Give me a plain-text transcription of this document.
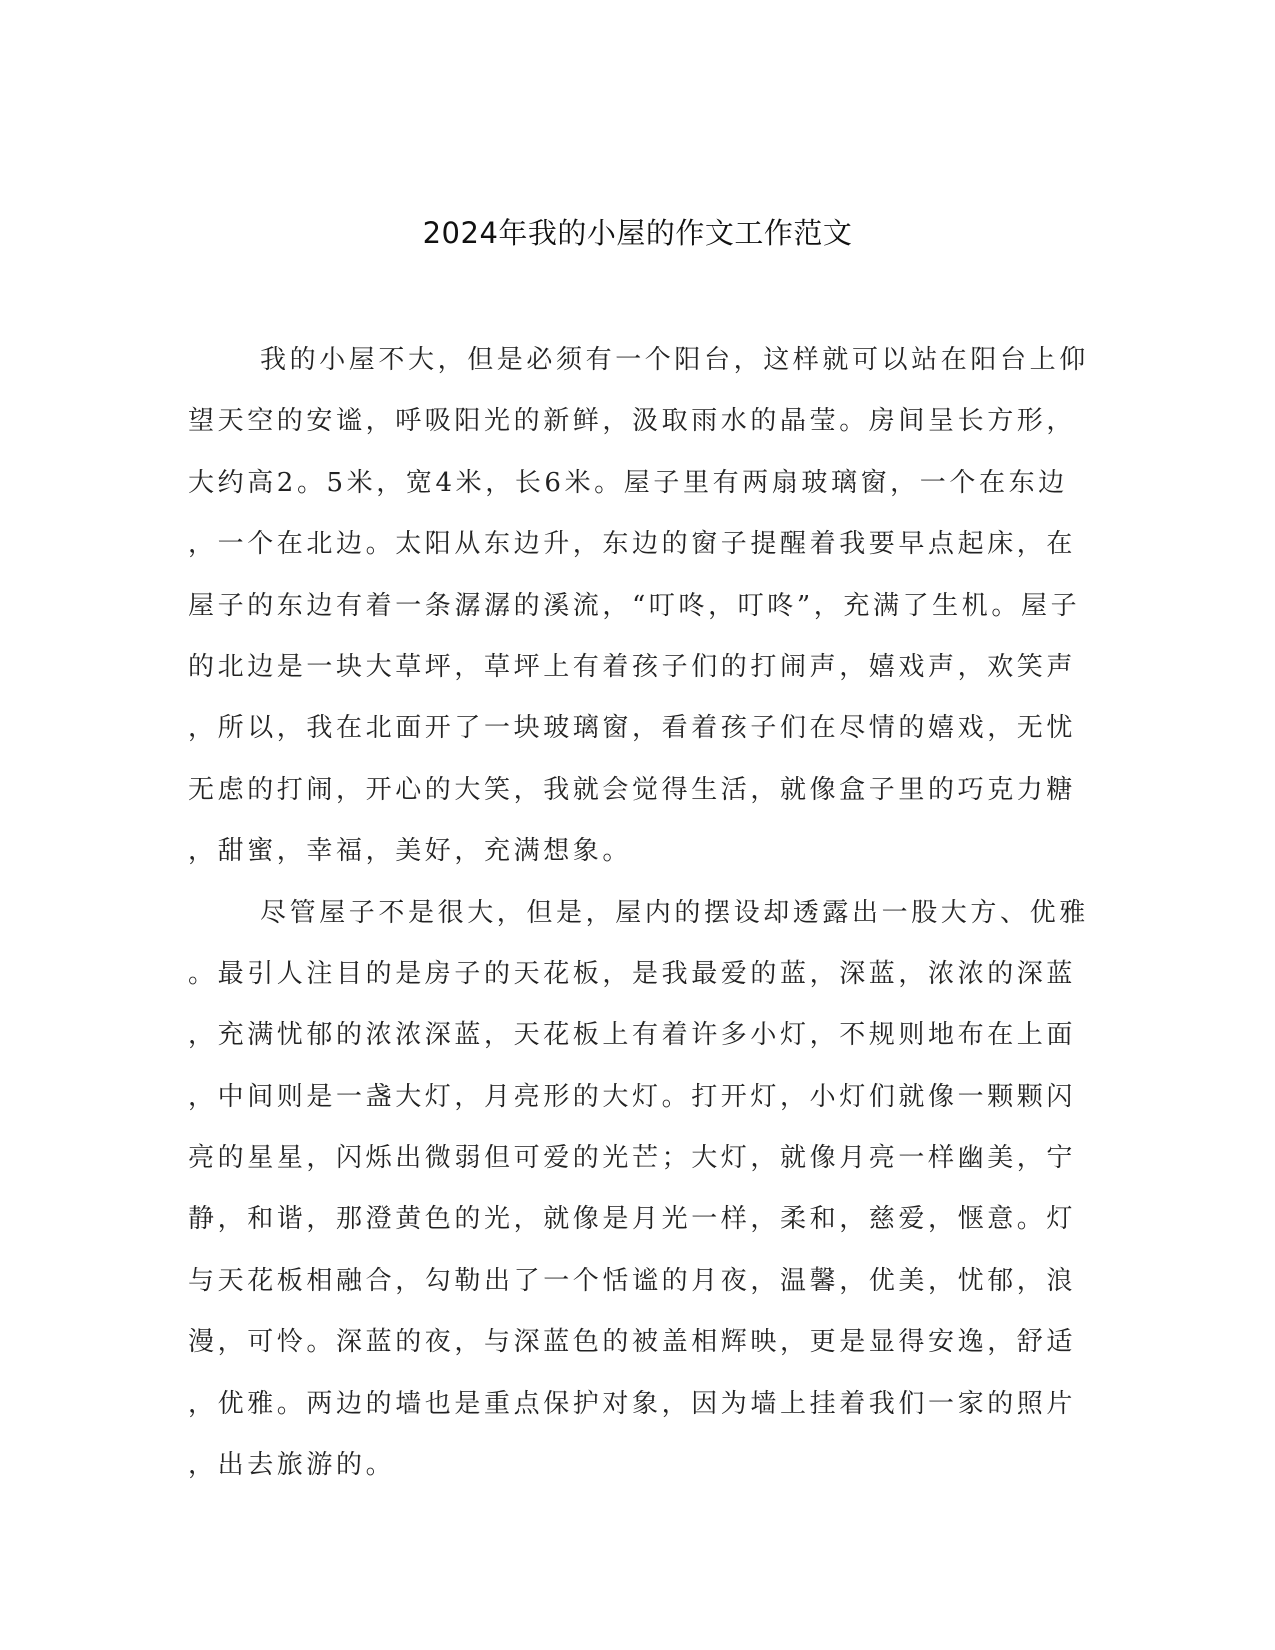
2024年我的小屋的作文工作范文
我的小屋不大，但是必须有一个阳台，这样就可以站在阳台上仰
望天空的安谧，呼吸阳光的新鲜，汲取雨水的晶莹。房间呈长方形，
大约高2。5米，宽4米，长6米。屋子里有两扇玻璃窗，一个在东边
，一个在北边。太阳从东边升，东边的窗子提醒着我要早点起床，在
屋子的东边有着一条潺潺的溪流，“叮咚，叮咚”，充满了生机。屋子
的北边是一块大草坪，草坪上有着孩子们的打闹声，嬉戏声，欢笑声
，所以，我在北面开了一块玻璃窗，看着孩子们在尽情的嬉戏，无忧
无虑的打闹，开心的大笑，我就会觉得生活，就像盒子里的巧克力糖
，甜蜜，幸福，美好，充满想象。
尽管屋子不是很大，但是，屋内的摆设却透露出一股大方、优雅
。最引人注目的是房子的天花板，是我最爱的蓝，深蓝，浓浓的深蓝
，充满忧郁的浓浓深蓝，天花板上有着许多小灯，不规则地布在上面
，中间则是一盏大灯，月亮形的大灯。打开灯，小灯们就像一颗颗闪
亮的星星，闪烁出微弱但可爱的光芒；大灯，就像月亮一样幽美，宁
静，和谐，那澄黄色的光，就像是月光一样，柔和，慈爱，惬意。灯
与天花板相融合，勾勒出了一个恬谧的月夜，温馨，优美，忧郁，浪
漫，可怜。深蓝的夜，与深蓝色的被盖相辉映，更是显得安逸，舒适
，优雅。两边的墙也是重点保护对象，因为墙上挂着我们一家的照片
，出去旅游的。
